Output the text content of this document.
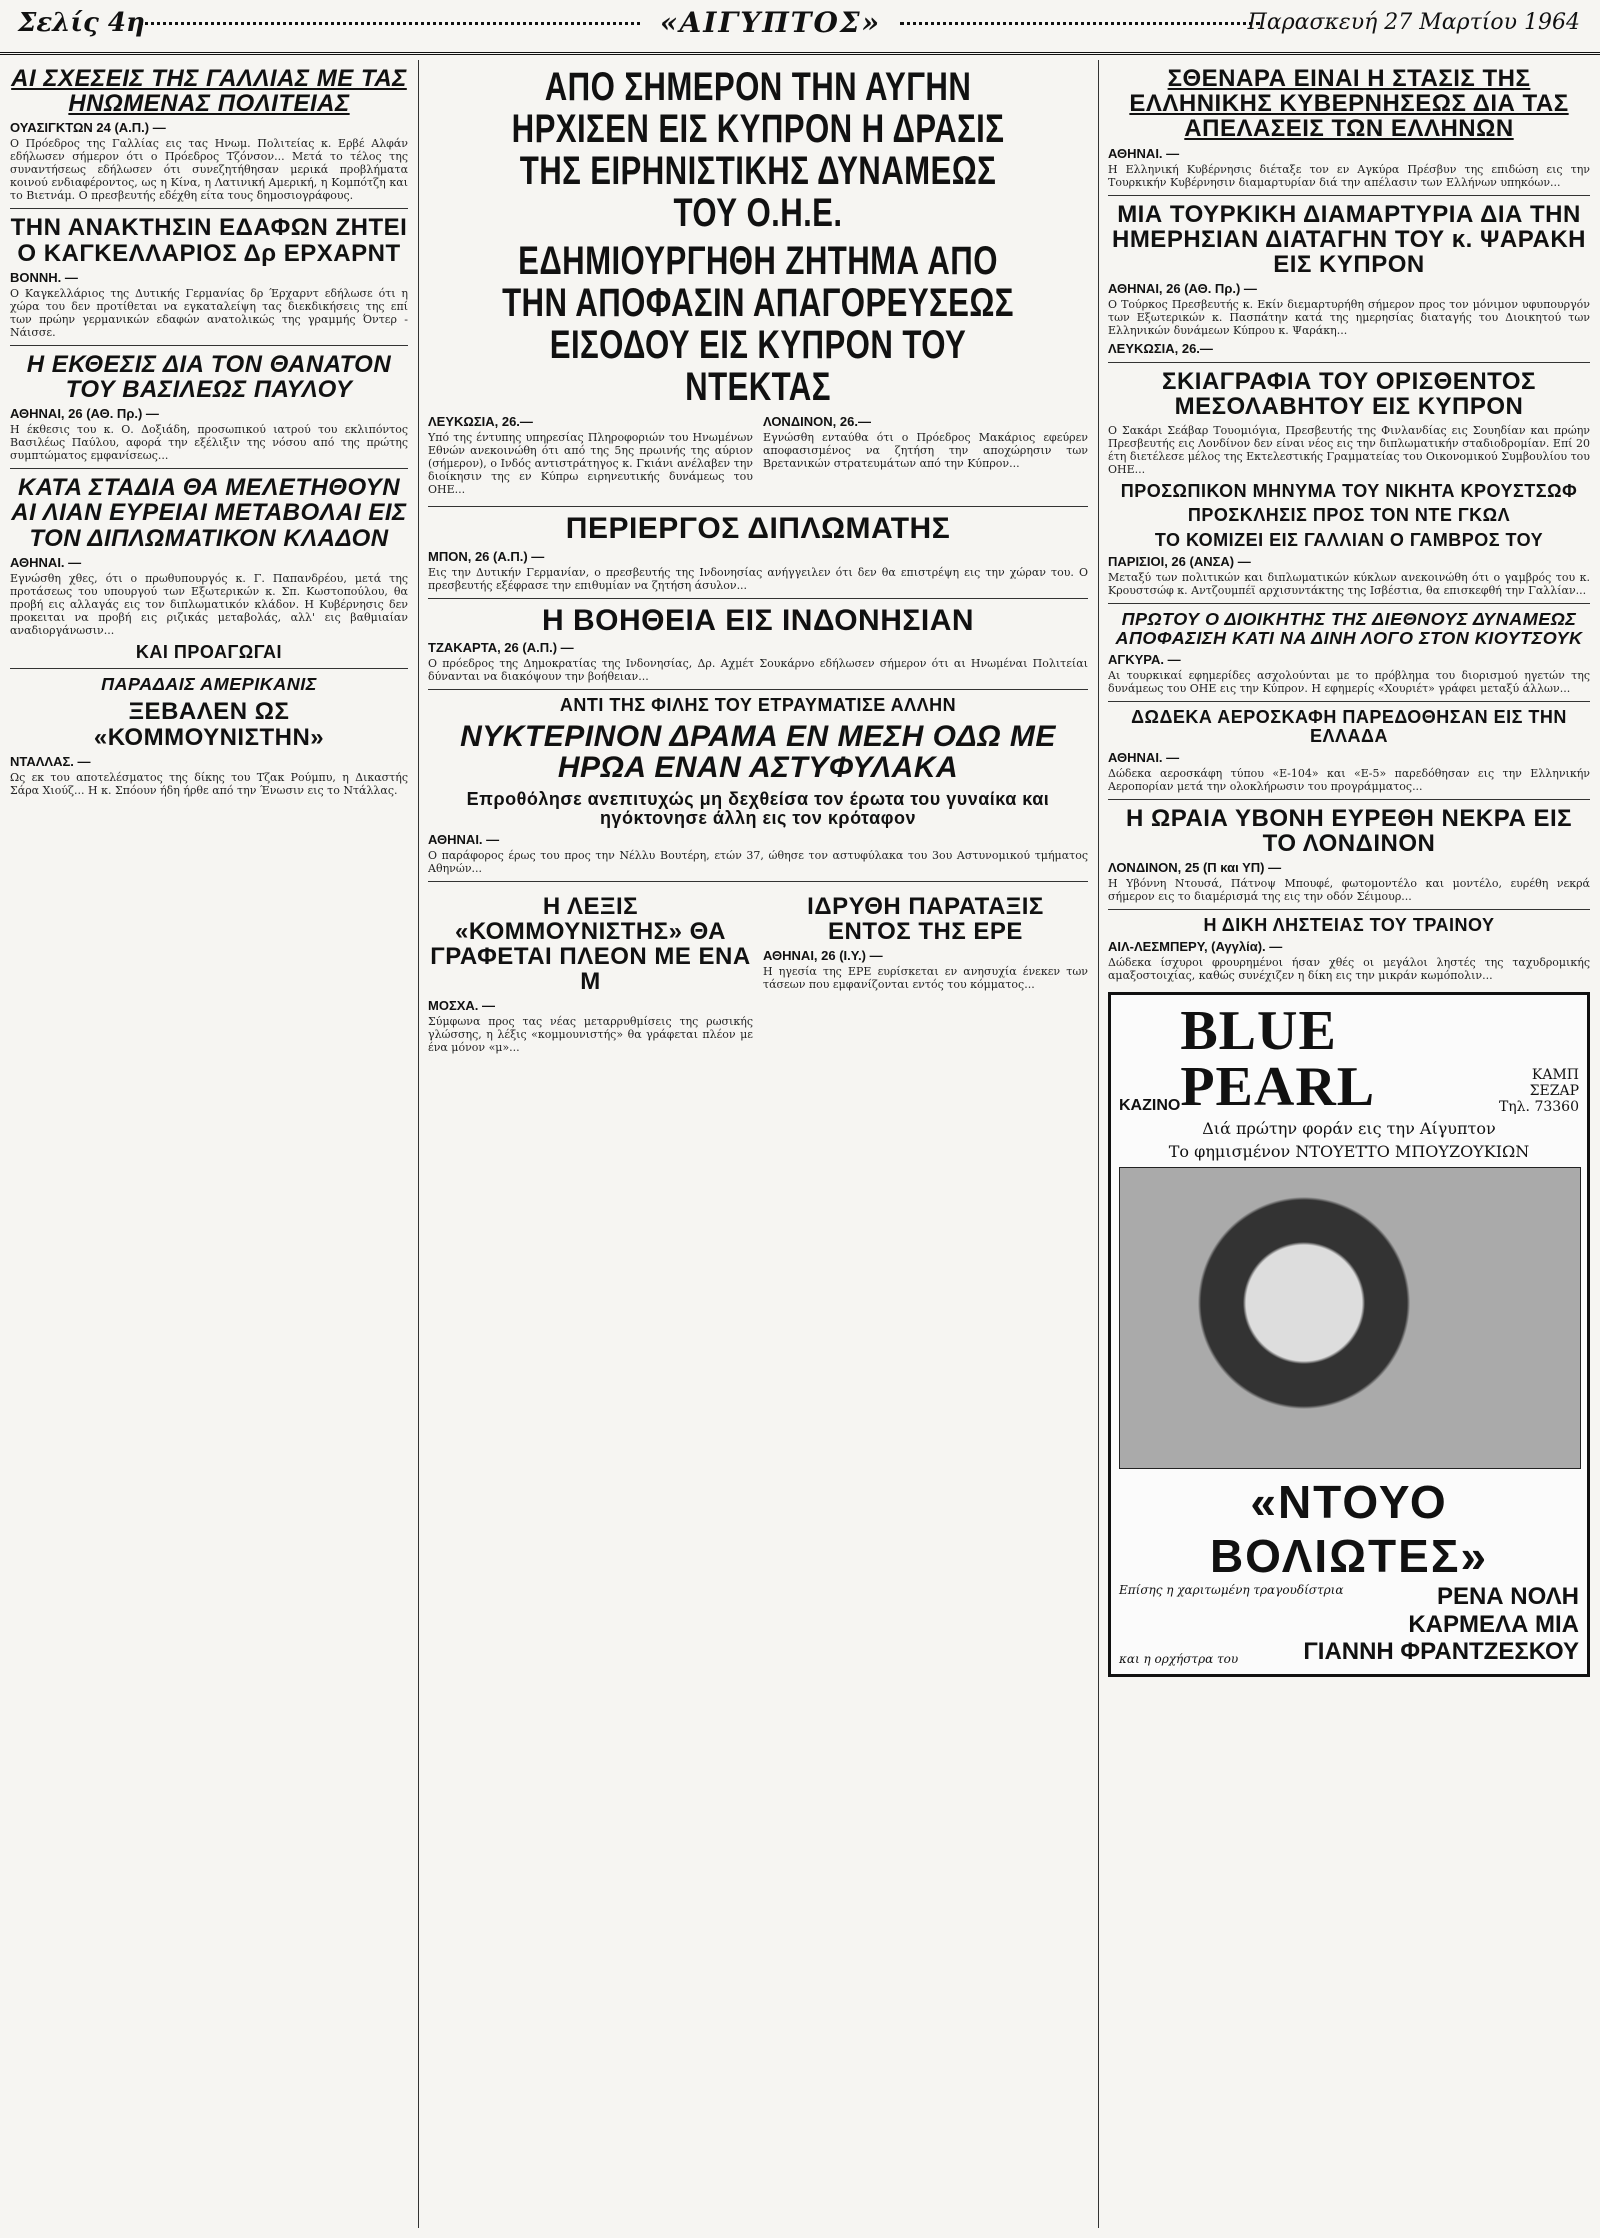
Σελίς 4η	«ΑΙΓΥΠΤΟΣ»	Παρασκευή 27 Μαρτίου 1964
ΑΙ ΣΧΕΣΕΙΣ ΤΗΣ ΓΑΛΛΙΑΣ ΜΕ ΤΑΣ ΗΝΩΜΕΝΑΣ ΠΟΛΙΤΕΙΑΣ
ΟΥΑΣΙΓΚΤΩΝ 24 (Α.Π.) —

Ο Πρόεδρος της Γαλλίας εις τας Ηνωμ. Πολιτείας κ. Ερβέ Αλφάν εδήλωσεν σήμερον ότι ο Πρόεδρος Τζόνσον... Μετά το τέλος της συναντήσεως εδήλωσεν ότι συνεζητήθησαν μερικά προβλήματα κοινού ενδιαφέροντος, ως η Κίνα, η Λατινική Αμερική, η Κομπότζη και το Βιετνάμ. Ο πρεσβευτής εδέχθη είτα τους δημοσιογράφους.

ΤΗΝ ΑΝΑΚΤΗΣΙΝ ΕΔΑΦΩΝ ΖΗΤΕΙ Ο ΚΑΓΚΕΛΛΑΡΙΟΣ Δρ ΕΡΧΑΡΝΤ
ΒΟΝΝΗ. —

Ο Καγκελλάριος της Δυτικής Γερμανίας δρ Έρχαρντ εδήλωσε ότι η χώρα του δεν προτίθεται να εγκαταλείψη τας διεκδικήσεις της επί των πρώην γερμανικών εδαφών ανατολικώς της γραμμής Όντερ - Νάισσε.

Η ΕΚΘΕΣΙΣ ΔΙΑ ΤΟΝ ΘΑΝΑΤΟΝ ΤΟΥ ΒΑΣΙΛΕΩΣ ΠΑΥΛΟΥ
ΑΘΗΝΑΙ, 26 (ΑΘ. Πρ.) —

Η έκθεσις του κ. Ο. Δοξιάδη, προσωπικού ιατρού του εκλιπόντος Βασιλέως Παύλου, αφορά την εξέλιξιν της νόσου από της πρώτης συμπτώματος εμφανίσεως...

ΚΑΤΑ ΣΤΑΔΙΑ ΘΑ ΜΕΛΕΤΗΘΟΥΝ ΑΙ ΛΙΑΝ ΕΥΡΕΙΑΙ ΜΕΤΑΒΟΛΑΙ ΕΙΣ ΤΟΝ ΔΙΠΛΩΜΑΤΙΚΟΝ ΚΛΑΔΟΝ
ΑΘΗΝΑΙ. —

Εγνώσθη χθες, ότι ο πρωθυπουργός κ. Γ. Παπανδρέου, μετά της προτάσεως του υπουργού των Εξωτερικών κ. Σπ. Κωστοπούλου, θα προβή εις αλλαγάς εις τον διπλωματικόν κλάδον. Η Κυβέρνησις δεν προκειται να προβή εις ριζικάς μεταβολάς, αλλ' εις βαθμιαίαν αναδιοργάνωσιν...

ΚΑΙ ΠΡΟΑΓΩΓΑΙ
ΠΑΡΑΔΑΙΣ ΑΜΕΡΙΚΑΝΙΣ
ΞΕΒΑΛΕΝ ΩΣ «ΚΟΜΜΟΥΝΙΣΤΗΝ»
ΝΤΑΛΛΑΣ. —

Ως εκ του αποτελέσματος της δίκης του Τζακ Ρούμπυ, η Δικαστής Σάρα Χιούζ... Η κ. Σπόουν ήδη ήρθε από την Ένωσιν εις το Ντάλλας.

ΑΠΟ ΣΗΜΕΡΟΝ ΤΗΝ ΑΥΓΗΝ ΗΡΧΙΣΕΝ ΕΙΣ ΚΥΠΡΟΝ Η ΔΡΑΣΙΣ ΤΗΣ ΕΙΡΗΝΙΣΤΙΚΗΣ ΔΥΝΑΜΕΩΣ ΤΟΥ Ο.Η.Ε.
ΕΔΗΜΙΟΥΡΓΗΘΗ ΖΗΤΗΜΑ ΑΠΟ ΤΗΝ ΑΠΟΦΑΣΙΝ ΑΠΑΓΟΡΕΥΣΕΩΣ ΕΙΣΟΔΟΥ ΕΙΣ ΚΥΠΡΟΝ ΤΟΥ ΝΤΕΚΤΑΣ
ΛΕΥΚΩΣΙΑ, 26.—

Υπό της έντυπης υπηρεσίας Πληροφοριών του Ηνωμένων Εθνών ανεκοινώθη ότι από της 5ης πρωινής της αύριον (σήμερον), ο Ινδός αντιστράτηγος κ. Γκιάνι ανέλαβεν την διοίκησιν της εν Κύπρω ειρηνευτικής δυνάμεως του ΟΗΕ...

ΛΟΝΔΙΝΟΝ, 26.—

Εγνώσθη ενταύθα ότι ο Πρόεδρος Μακάριος εφεύρεν αποφασισμένος να ζητήση την αποχώρησιν των Βρετανικών στρατευμάτων από την Κύπρον...

ΠΕΡΙΕΡΓΟΣ ΔΙΠΛΩΜΑΤΗΣ
ΜΠΟΝ, 26 (Α.Π.) —

Εις την Δυτικήν Γερμανίαν, ο πρεσβευτής της Ινδονησίας ανήγγειλεν ότι δεν θα επιστρέψη εις την χώραν του. Ο πρεσβευτής εξέφρασε την επιθυμίαν να ζητήση άσυλον...

Η ΒΟΗΘΕΙΑ ΕΙΣ ΙΝΔΟΝΗΣΙΑΝ
ΤΖΑΚΑΡΤΑ, 26 (Α.Π.) —

Ο πρόεδρος της Δημοκρατίας της Ινδονησίας, Δρ. Αχμέτ Σουκάρνο εδήλωσεν σήμερον ότι αι Ηνωμέναι Πολιτείαι δύνανται να διακόψουν την βοήθειαν...

ΑΝΤΙ ΤΗΣ ΦΙΛΗΣ ΤΟΥ ΕΤΡΑΥΜΑΤΙΣΕ ΑΛΛΗΝ
ΝΥΚΤΕΡΙΝΟΝ ΔΡΑΜΑ ΕΝ ΜΕΣΗ ΟΔΩ ΜΕ ΗΡΩΑ ΕΝΑΝ ΑΣΤΥΦΥΛΑΚΑ
Επροθόλησε ανεπιτυχώς μη δεχθείσα τον έρωτα του γυναίκα και ηγόκτονησε άλλη εις τον κρόταφον
ΑΘΗΝΑΙ. —

Ο παράφορος έρως του προς την Νέλλυ Βουτέρη, ετών 37, ώθησε τον αστυφύλακα του 3ου Αστυνομικού τμήματος Αθηνών...

Η ΛΕΞΙΣ «ΚΟΜΜΟΥΝΙΣΤΗΣ» ΘΑ ΓΡΑΦΕΤΑΙ ΠΛΕΟΝ ΜΕ ΕΝΑ Μ
ΜΟΣΧΑ. —

Σύμφωνα προς τας νέας μεταρρυθμίσεις της ρωσικής γλώσσης, η λέξις «κομμουνιστής» θα γράφεται πλέον με ένα μόνον «μ»...

ΙΔΡΥΘΗ ΠΑΡΑΤΑΞΙΣ ΕΝΤΟΣ ΤΗΣ ΕΡΕ
ΑΘΗΝΑΙ, 26 (Ι.Υ.) —

Η ηγεσία της ΕΡΕ ευρίσκεται εν ανησυχία ένεκεν των τάσεων που εμφανίζονται εντός του κόμματος...

ΣΘΕΝΑΡΑ ΕΙΝΑΙ Η ΣΤΑΣΙΣ ΤΗΣ ΕΛΛΗΝΙΚΗΣ ΚΥΒΕΡΝΗΣΕΩΣ ΔΙΑ ΤΑΣ ΑΠΕΛΑΣΕΙΣ ΤΩΝ ΕΛΛΗΝΩΝ
ΑΘΗΝΑΙ. —

Η Ελληνική Κυβέρνησις διέταξε τον εν Αγκύρα Πρέσβυν της επιδώση εις την Τουρκικήν Κυβέρνησιν διαμαρτυρίαν διά την απέλασιν των Ελλήνων υπηκόων...

ΜΙΑ ΤΟΥΡΚΙΚΗ ΔΙΑΜΑΡΤΥΡΙΑ ΔΙΑ ΤΗΝ ΗΜΕΡΗΣΙΑΝ ΔΙΑΤΑΓΗΝ ΤΟΥ κ. ΨΑΡΑΚΗ ΕΙΣ ΚΥΠΡΟΝ
ΑΘΗΝΑΙ, 26 (ΑΘ. Πρ.) —

Ο Τούρκος Πρεσβευτής κ. Εκίν διεμαρτυρήθη σήμερον προς τον μόνιμον υφυπουργόν των Εξωτερικών κ. Πασπάτην κατά της ημερησίας διαταγής του Διοικητού των Ελληνικών δυνάμεων Κύπρου κ. Ψαράκη...

ΛΕΥΚΩΣΙΑ, 26.—
ΣΚΙΑΓΡΑΦΙΑ ΤΟΥ ΟΡΙΣΘΕΝΤΟΣ ΜΕΣΟΛΑΒΗΤΟΥ ΕΙΣ ΚΥΠΡΟΝ

Ο Σακάρι Σεάβαρ Τουομιόγια, Πρεσβευτής της Φινλανδίας εις Σουηδίαν και πρώην Πρεσβευτής εις Λονδίνον δεν είναι νέος εις την διπλωματικήν σταδιοδρομίαν. Επί 20 έτη διετέλεσε μέλος της Εκτελεστικής Γραμματείας του Οικονομικού Συμβουλίου του ΟΗΕ...

ΠΡΟΣΩΠΙΚΟΝ ΜΗΝΥΜΑ ΤΟΥ ΝΙΚΗΤΑ ΚΡΟΥΣΤΣΩΦ
ΠΡΟΣΚΛΗΣΙΣ ΠΡΟΣ ΤΟΝ ΝΤΕ ΓΚΩΛ
ΤΟ ΚΟΜΙΖΕΙ ΕΙΣ ΓΑΛΛΙΑΝ Ο ΓΑΜΒΡΟΣ ΤΟΥ
ΠΑΡΙΣΙΟΙ, 26 (ΑΝΣΑ) —

Μεταξύ των πολιτικών και διπλωματικών κύκλων ανεκοινώθη ότι ο γαμβρός του κ. Κρουστσώφ κ. Αντζουμπέϊ αρχισυντάκτης της Ισβέστια, θα επισκεφθή την Γαλλίαν...

ΠΡΩΤΟΥ Ο ΔΙΟΙΚΗΤΗΣ ΤΗΣ ΔΙΕΘΝΟΥΣ ΔΥΝΑΜΕΩΣ ΑΠΟΦΑΣΙΣΗ ΚΑΤΙ ΝΑ ΔΙΝΗ ΛΟΓΟ ΣΤΟΝ ΚΙΟΥΤΣΟΥΚ
ΑΓΚΥΡΑ. —

Αι τουρκικαί εφημερίδες ασχολούνται με το πρόβλημα του διορισμού ηγετών της δυνάμεως του ΟΗΕ εις την Κύπρον. Η εφημερίς «Χουριέτ» γράφει μεταξύ άλλων...

ΔΩΔΕΚΑ ΑΕΡΟΣΚΑΦΗ ΠΑΡΕΔΟΘΗΣΑΝ ΕΙΣ ΤΗΝ ΕΛΛΑΔΑ
ΑΘΗΝΑΙ. —

Δώδεκα αεροσκάφη τύπου «Ε-104» και «Ε-5» παρεδόθησαν εις την Ελληνικήν Αεροπορίαν μετά την ολοκλήρωσιν του προγράμματος...

Η ΩΡΑΙΑ ΥΒΟΝΗ ΕΥΡΕΘΗ ΝΕΚΡΑ ΕΙΣ ΤΟ ΛΟΝΔΙΝΟΝ
ΛΟΝΔΙΝΟΝ, 25 (Π και ΥΠ) —

Η Υβόννη Ντουσά, Πάτνοψ Μπουφέ, φωτομοντέλο και μοντέλο, ευρέθη νεκρά σήμερον εις το διαμέρισμά της εις την οδόν Σέιμουρ...

Η ΔΙΚΗ ΛΗΣΤΕΙΑΣ ΤΟΥ ΤΡΑΙΝΟΥ
ΑΙΛ-ΛΕΣΜΠΕΡΥ, (Αγγλία). —

Δώδεκα ίσχυροι φρουρημένοι ήσαν χθές οι μεγάλοι ληστές της ταχυδρομικής αμαξοστοιχίας, καθώς συνέχιζεν η δίκη εις την μικράν κωμόπολιν...

ΚΑΖΙΝΟ
BLUE PEARL	ΚΑΜΠ ΣΕΖΑΡ
Τηλ. 73360
Διά πρώτην φοράν εις την Αίγυπτον
Το φημισμένον ΝΤΟΥΕΤΤΟ ΜΠΟΥΖΟΥΚΙΩΝ
«ΝΤΟΥΟ ΒΟΛΙΩΤΕΣ»
Επίσης η χαριτωμένη τραγουδίστρια	ΡΕΝΑ ΝΟΛΗ
ΚΑΡΜΕΛΑ ΜΙΑ
και η ορχήστρα του	ΓΙΑΝΝΗ ΦΡΑΝΤΖΕΣΚΟΥ
